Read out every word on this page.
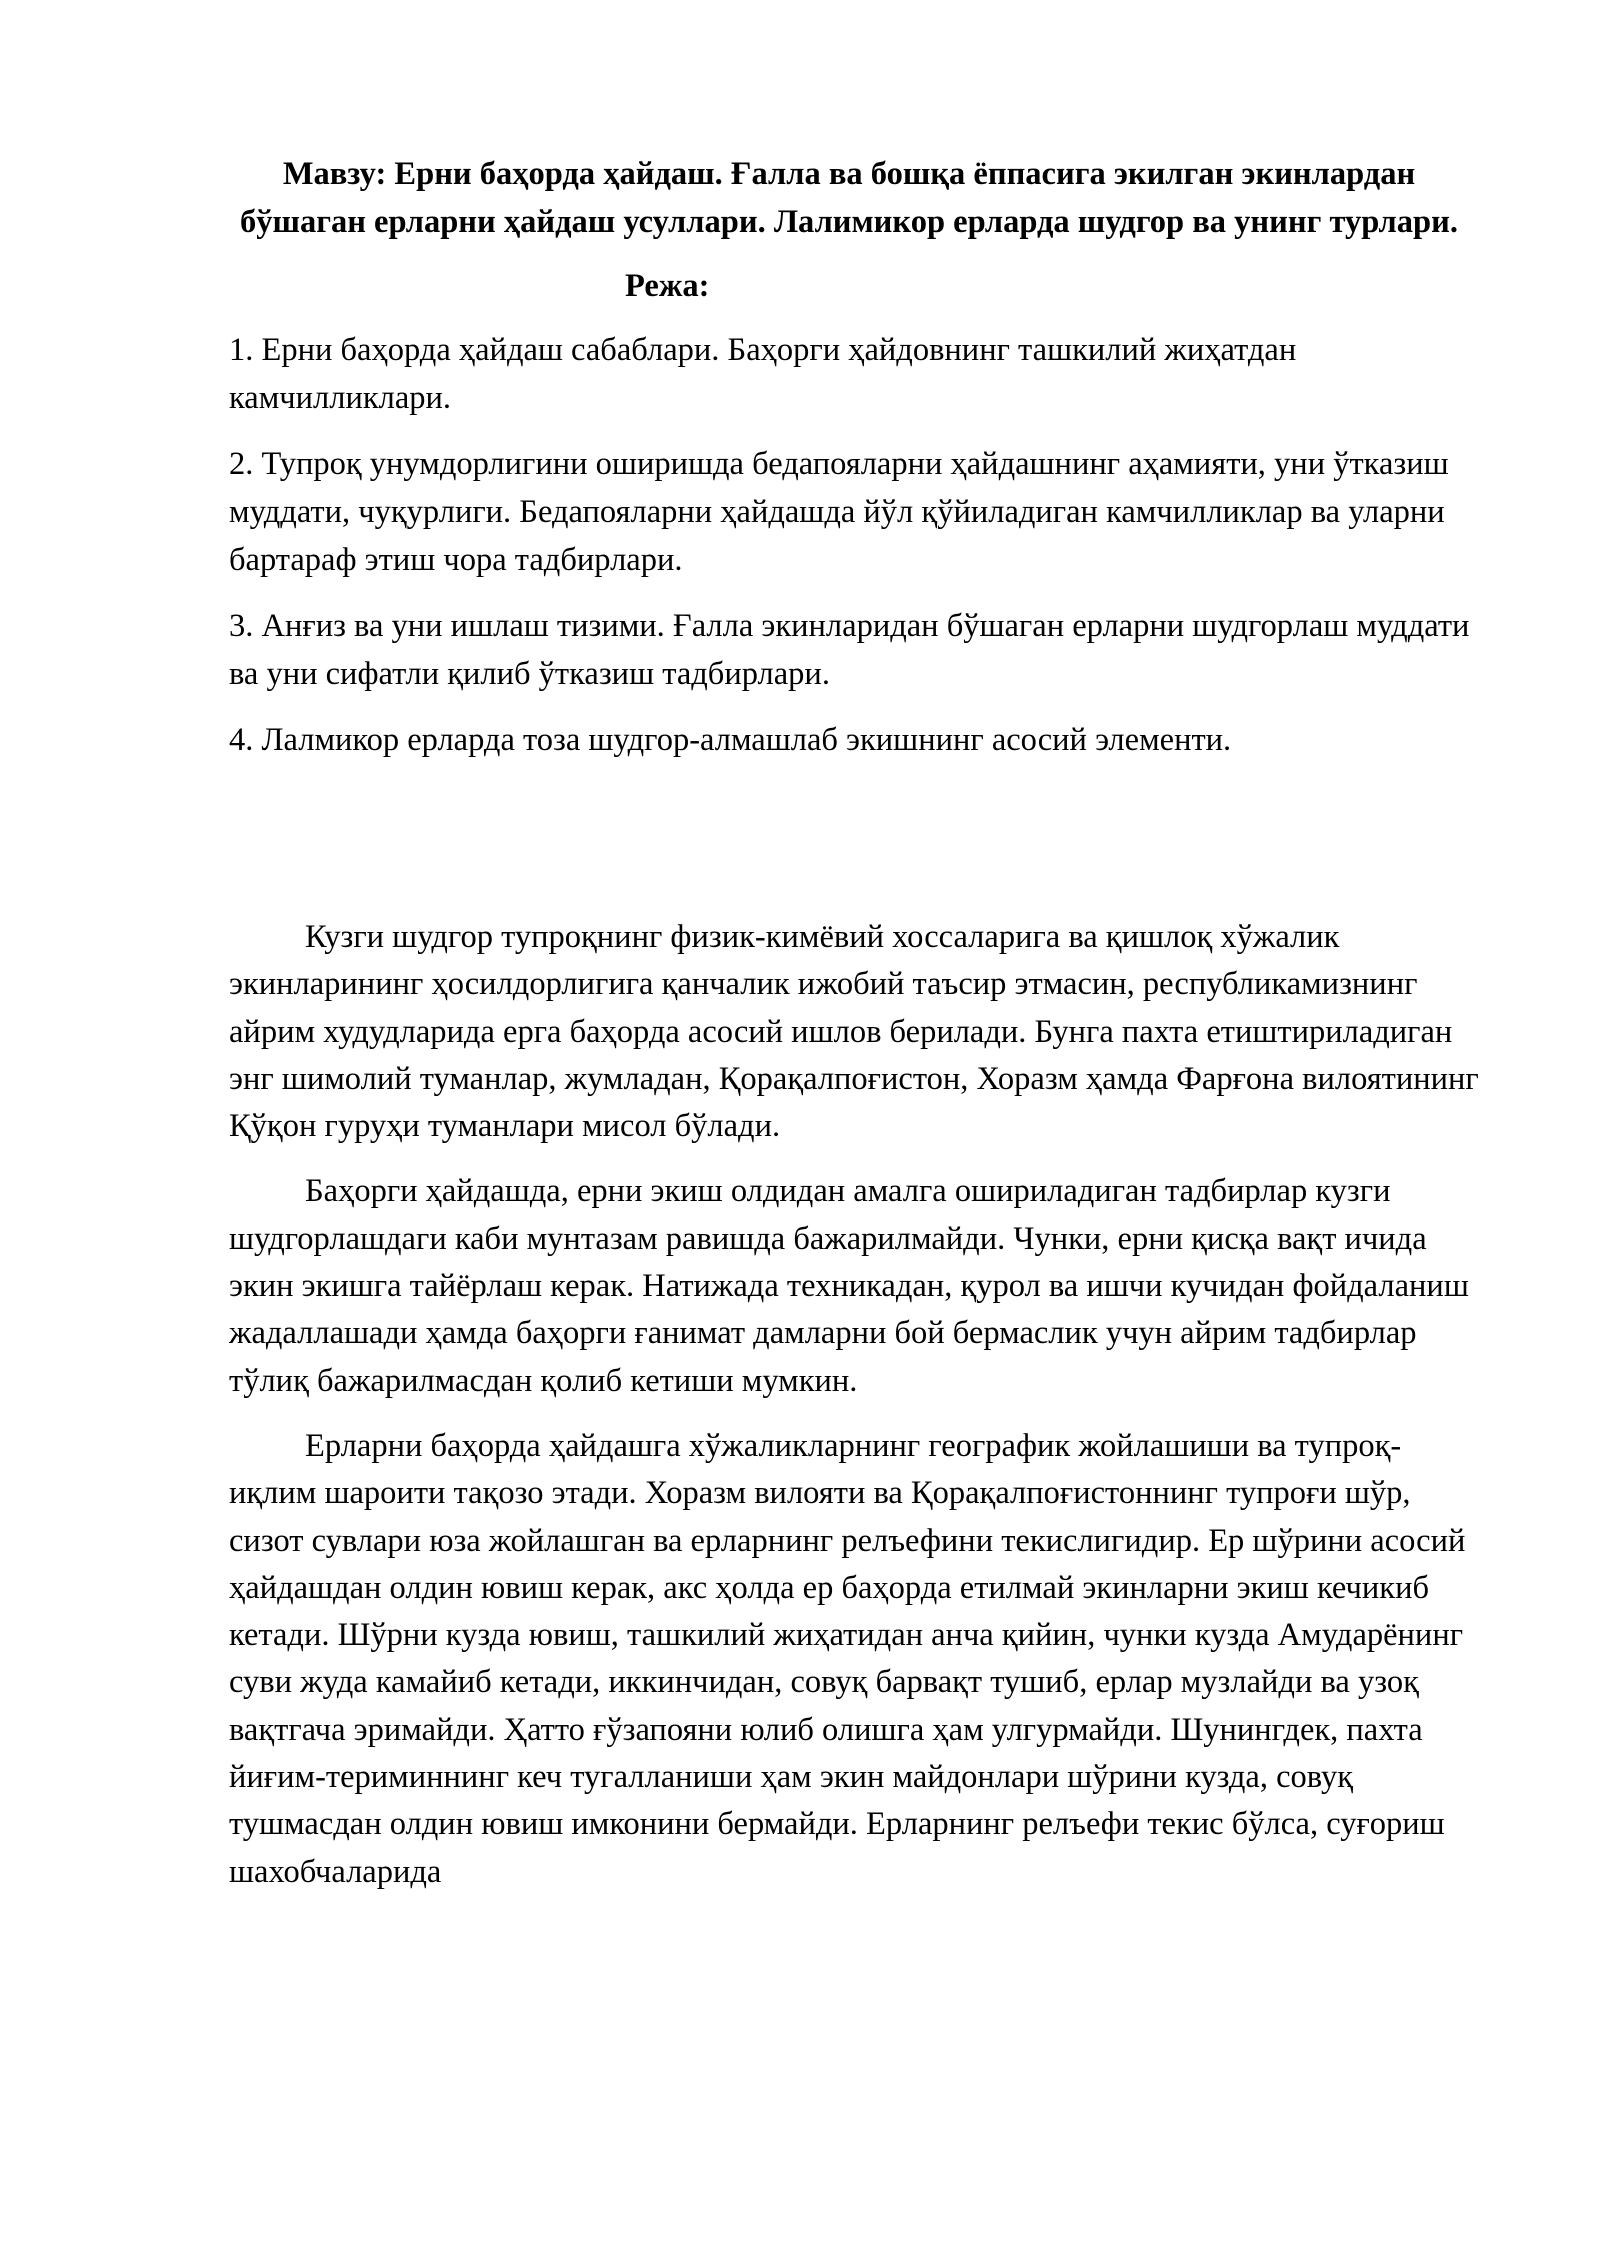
Мавзу: Ерни баҳорда ҳайдаш. Ғалла ва бошқа ёппасига экилган экинлардан бўшаган ерларни ҳайдаш усуллари. Лалимикор ерларда шудгор ва унинг турлари.

Режа:

1. Ерни баҳорда ҳайдаш сабаблари. Баҳорги ҳайдовнинг ташкилий жиҳатдан камчилликлари.
2. Тупроқ унумдорлигини оширишда бедапояларни ҳайдашнинг аҳамияти, уни ўтказиш муддати, чуқурлиги. Бедапояларни ҳайдашда йўл қўйиладиган камчилликлар ва уларни бартараф этиш чора тадбирлари.
3. Анғиз ва уни ишлаш тизими. Ғалла экинларидан бўшаган ерларни шудгорлаш муддати ва уни сифатли қилиб ўтказиш тадбирлари.
4. Лалмикор ерларда тоза шудгор-алмашлаб экишнинг асосий элементи.

Кузги шудгор тупроқнинг физик-кимёвий хоссаларига ва қишлоқ хўжалик экинларининг ҳосилдорлигига қанчалик ижобий таъсир этмасин, республикамизнинг айрим худудларида ерга баҳорда асосий ишлов берилади. Бунга пахта етиштириладиган энг шимолий туманлар, жумладан, Қорақалпоғистон, Хоразм ҳамда Фарғона вилоятининг Қўқон гуруҳи туманлари мисол бўлади.

Баҳорги ҳайдашда, ерни экиш олдидан амалга ошириладиган тадбирлар кузги шудгорлашдаги каби мунтазам равишда бажарилмайди. Чунки, ерни қисқа вақт ичида экин экишга тайёрлаш керак. Натижада техникадан, қурол ва ишчи кучидан фойдаланиш жадаллашади ҳамда баҳорги ғанимат дамларни бой бермаслик учун айрим тадбирлар тўлиқ бажарилмасдан қолиб кетиши мумкин.

Ерларни баҳорда ҳайдашга хўжаликларнинг географик жойлашиши ва тупроқ-иқлим шароити тақозо этади. Хоразм вилояти ва Қорақалпоғистоннинг тупроғи шўр, сизот сувлари юза жойлашган ва ерларнинг релъефини текислигидир. Ер шўрини асосий ҳайдашдан олдин ювиш керак, акс ҳолда ер баҳорда етилмай экинларни экиш кечикиб кетади. Шўрни кузда ювиш, ташкилий жиҳатидан анча қийин, чунки кузда Амударёнинг суви жуда камайиб кетади, иккинчидан, совуқ барвақт тушиб, ерлар музлайди ва узоқ вақтгача эримайди. Ҳатто ғўзапояни юлиб олишга ҳам улгурмайди. Шунингдек, пахта йиғим-териминнинг кеч тугалланиши ҳам экин майдонлари шўрини кузда, совуқ тушмасдан олдин ювиш имконини бермайди. Ерларнинг релъефи текис бўлса, суғориш шахобчаларида
